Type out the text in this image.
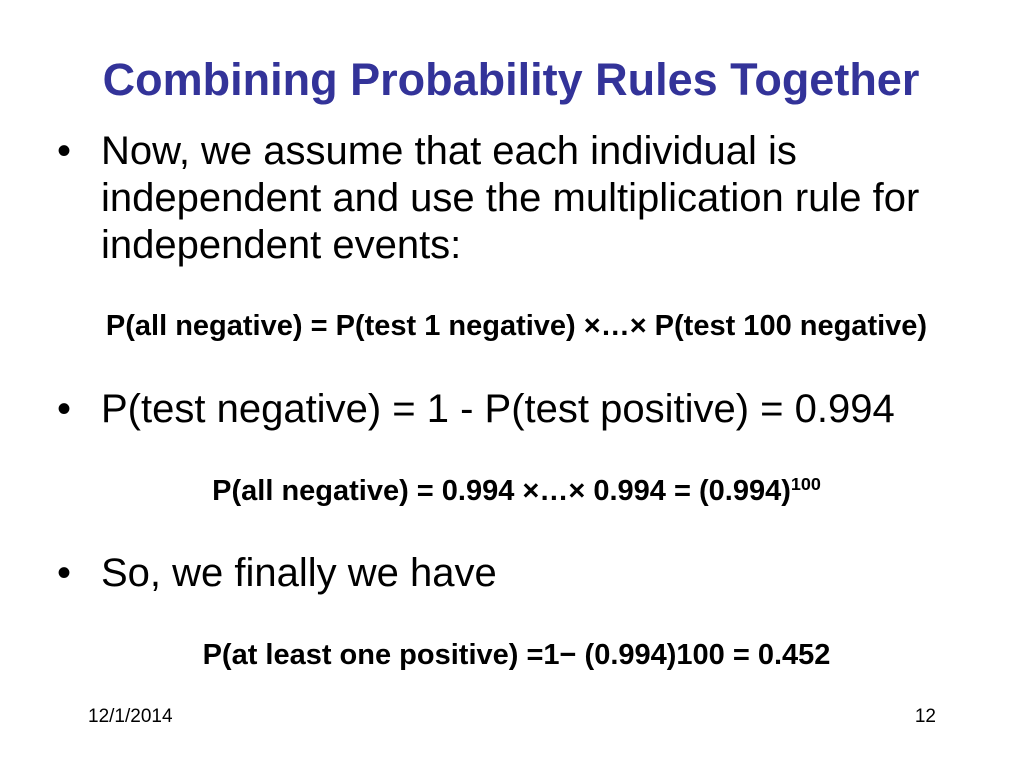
Combining Probability Rules Together
• Now, we assume that each individual is
independent and use the multiplication rule for
independent events:
P(all negative) = P(test 1 negative) ×…× P(test 100 negative)
• P(test negative) = 1 - P(test positive) = 0.994
P(all negative) = 0.994 ×…× $0.994 = (0.994)^{100}$
• So, we finally we have
P(at least one positive) =1− (0.994)100 = 0.452
12/1/2014	12
